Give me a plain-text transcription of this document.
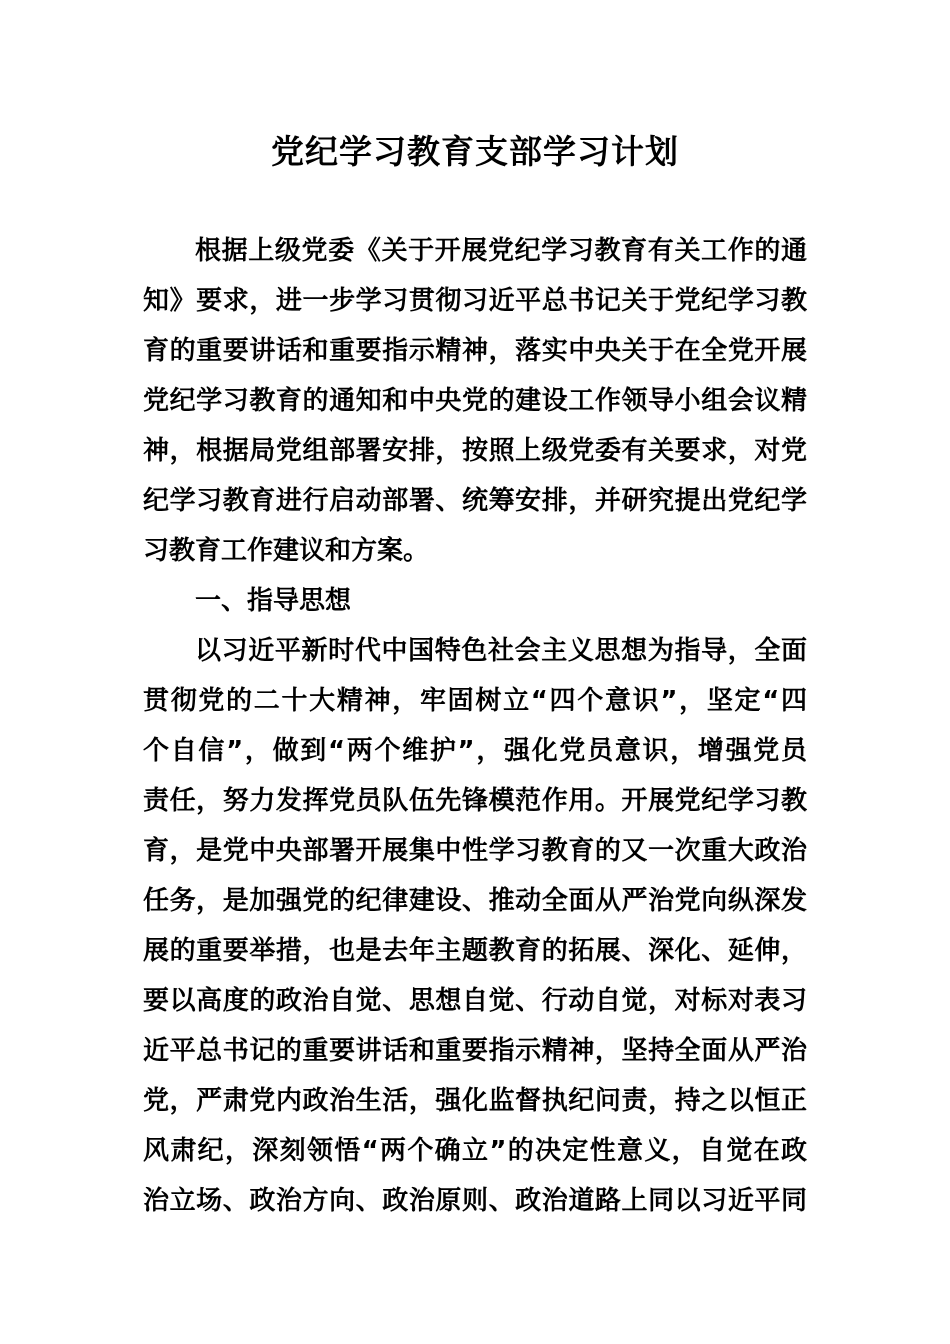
党纪学习教育支部学习计划
根据上级党委《关于开展党纪学习教育有关工作的通
知》要求，进一步学习贯彻习近平总书记关于党纪学习教
育的重要讲话和重要指示精神，落实中央关于在全党开展
党纪学习教育的通知和中央党的建设工作领导小组会议精
神，根据局党组部署安排，按照上级党委有关要求，对党
纪学习教育进行启动部署、统筹安排，并研究提出党纪学
习教育工作建议和方案。
一、指导思想
以习近平新时代中国特色社会主义思想为指导，全面
贯彻党的二十大精神，牢固树立“四个意识”，坚定“四
个自信”，做到“两个维护”，强化党员意识，增强党员
责任，努力发挥党员队伍先锋模范作用。开展党纪学习教
育，是党中央部署开展集中性学习教育的又一次重大政治
任务，是加强党的纪律建设、推动全面从严治党向纵深发
展的重要举措，也是去年主题教育的拓展、深化、延伸，
要以高度的政治自觉、思想自觉、行动自觉，对标对表习
近平总书记的重要讲话和重要指示精神，坚持全面从严治
党，严肃党内政治生活，强化监督执纪问责，持之以恒正
风肃纪，深刻领悟“两个确立”的决定性意义，自觉在政
治立场、政治方向、政治原则、政治道路上同以习近平同
